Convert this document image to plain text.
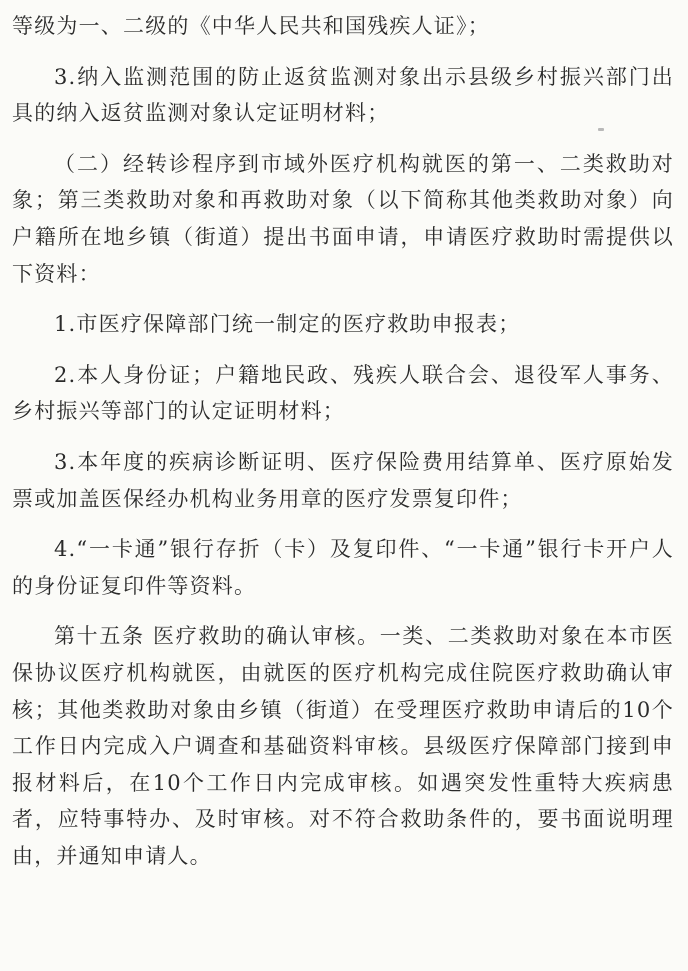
等级为一、二级的《中华人民共和国残疾人证》；

3.纳入监测范围的防止返贫监测对象出示县级乡村振兴部门出具的纳入返贫监测对象认定证明材料；

（二）经转诊程序到市域外医疗机构就医的第一、二类救助对象；第三类救助对象和再救助对象（以下简称其他类救助对象）向户籍所在地乡镇（街道）提出书面申请，申请医疗救助时需提供以下资料：

1.市医疗保障部门统一制定的医疗救助申报表；

2.本人身份证；户籍地民政、残疾人联合会、退役军人事务、乡村振兴等部门的认定证明材料；

3.本年度的疾病诊断证明、医疗保险费用结算单、医疗原始发票或加盖医保经办机构业务用章的医疗发票复印件；

4.“一卡通”银行存折（卡）及复印件、“一卡通”银行卡开户人的身份证复印件等资料。

第十五条 医疗救助的确认审核。一类、二类救助对象在本市医保协议医疗机构就医，由就医的医疗机构完成住院医疗救助确认审核；其他类救助对象由乡镇（街道）在受理医疗救助申请后的10个工作日内完成入户调查和基础资料审核。县级医疗保障部门接到申报材料后，在10个工作日内完成审核。如遇突发性重特大疾病患者，应特事特办、及时审核。对不符合救助条件的，要书面说明理由，并通知申请人。
